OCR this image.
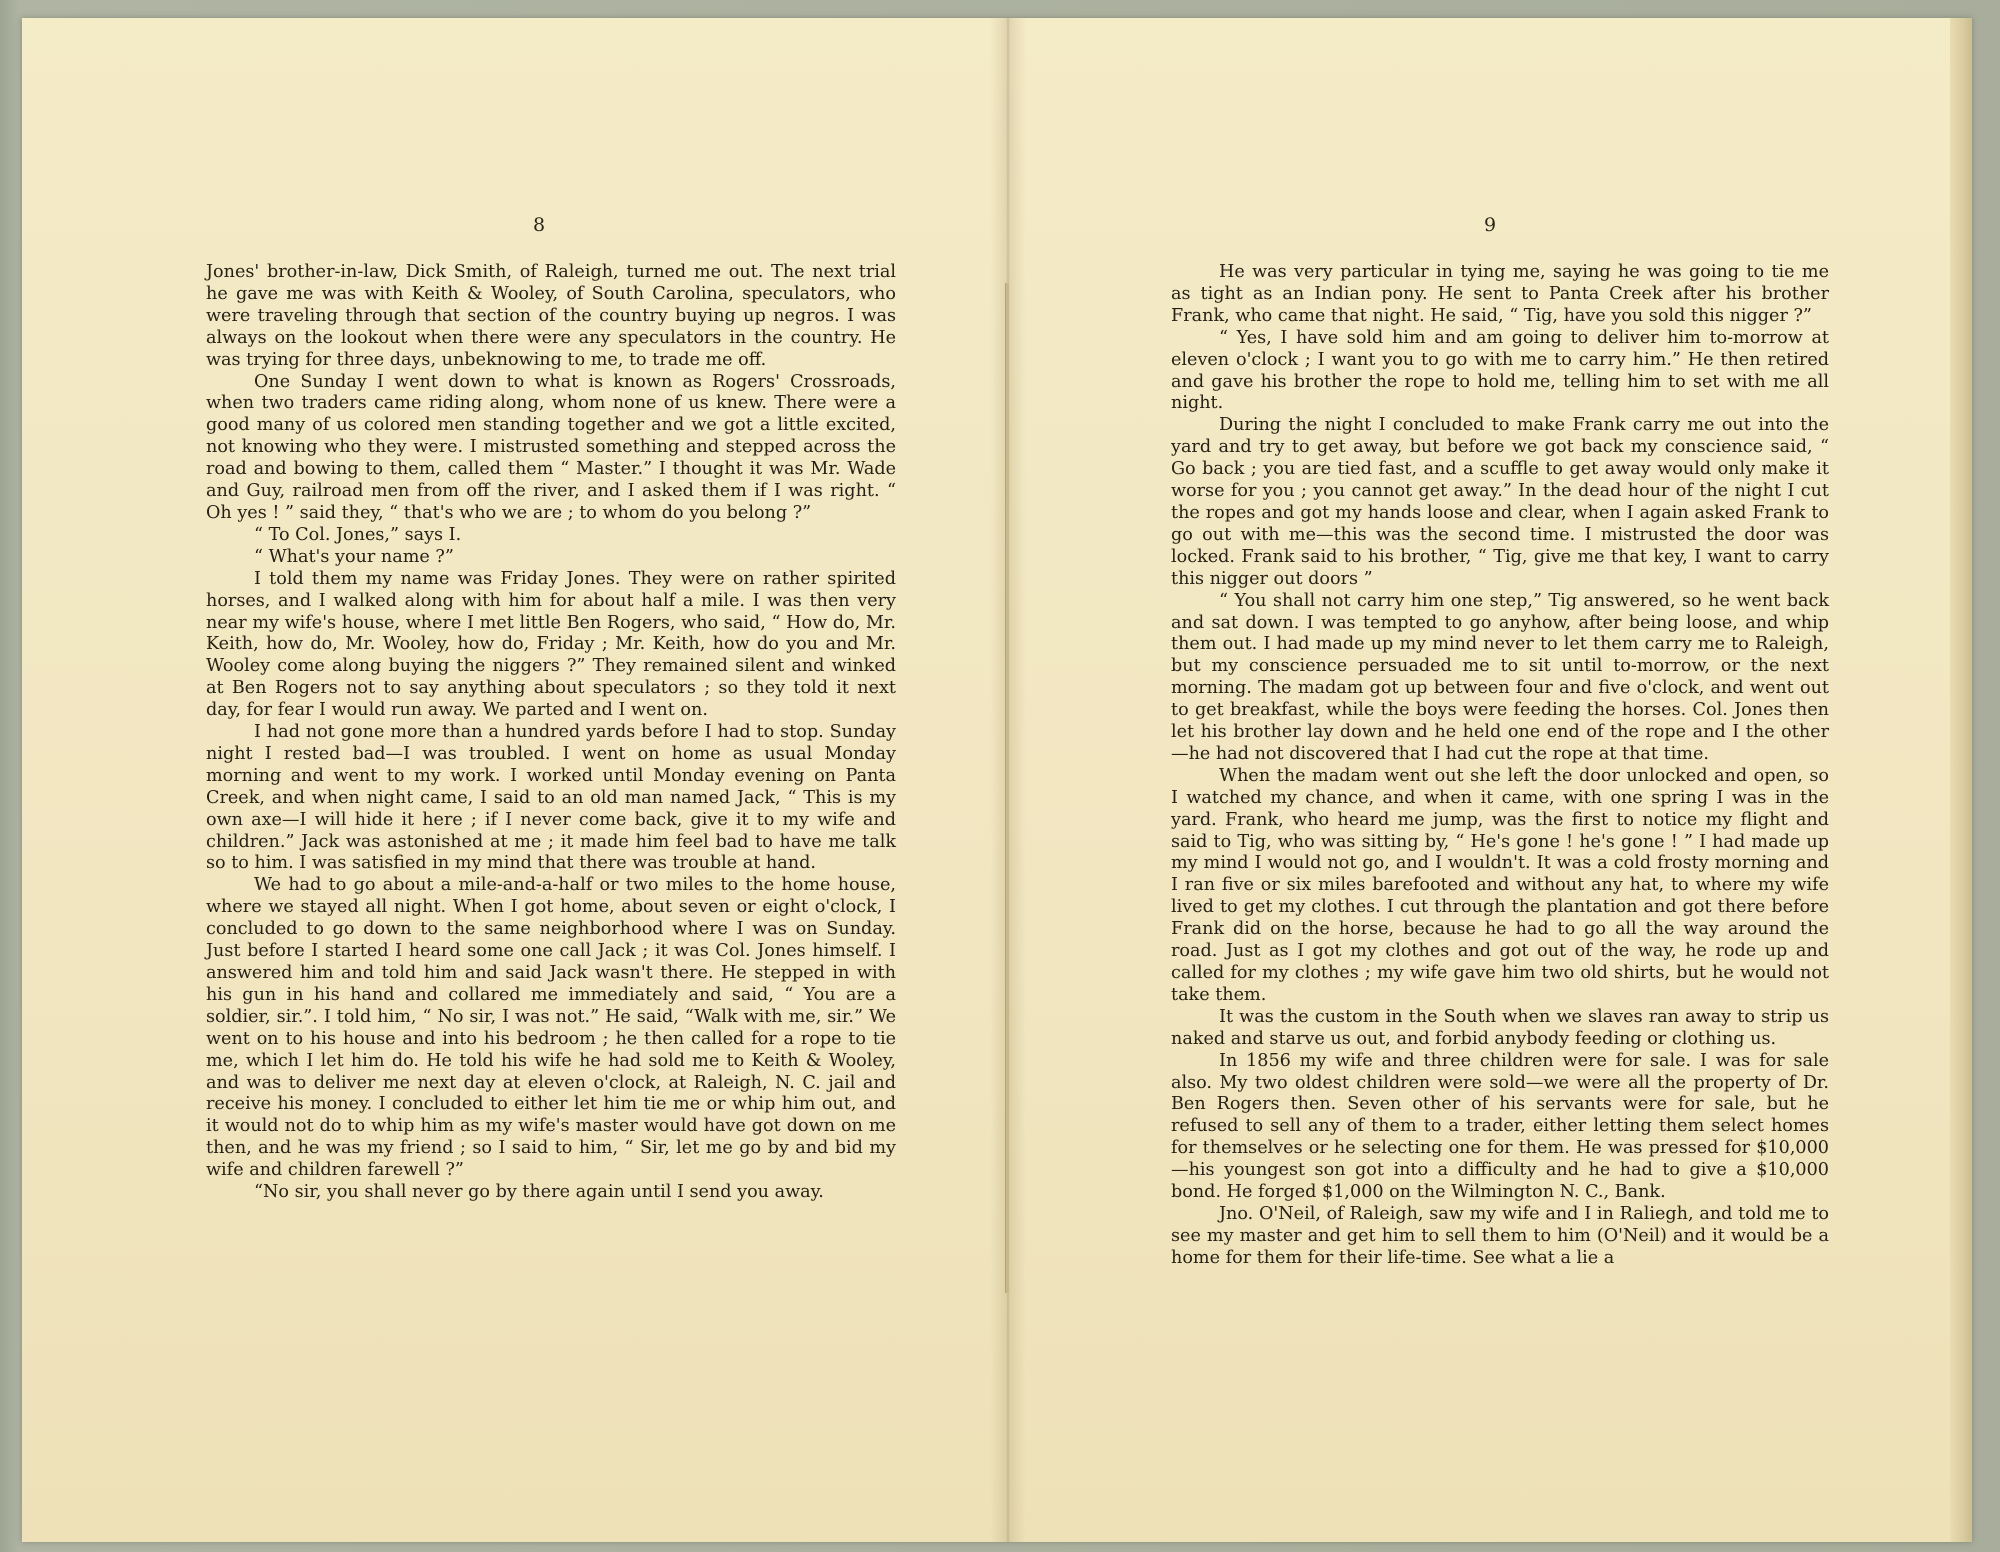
8

Jones' brother-in-law, Dick Smith, of Raleigh, turned me out. The next trial he gave me was with Keith & Wooley, of South Carolina, speculators, who were traveling through that section of the country buying up negros. I was always on the lookout when there were any speculators in the country. He was trying for three days, unbeknowing to me, to trade me off.

One Sunday I went down to what is known as Rogers' Crossroads, when two traders came riding along, whom none of us knew. There were a good many of us colored men standing together and we got a little excited, not knowing who they were. I mistrusted something and stepped across the road and bowing to them, called them “ Master.” I thought it was Mr. Wade and Guy, railroad men from off the river, and I asked them if I was right. “ Oh yes ! ” said they, “ that's who we are ; to whom do you belong ?”

“ To Col. Jones,” says I.

“ What's your name ?”

I told them my name was Friday Jones. They were on rather spirited horses, and I walked along with him for about half a mile. I was then very near my wife's house, where I met little Ben Rogers, who said, “ How do, Mr. Keith, how do, Mr. Wooley, how do, Friday ; Mr. Keith, how do you and Mr. Wooley come along buying the niggers ?” They remained silent and winked at Ben Rogers not to say anything about speculators ; so they told it next day, for fear I would run away. We parted and I went on.

I had not gone more than a hundred yards before I had to stop. Sunday night I rested bad—I was troubled. I went on home as usual Monday morning and went to my work. I worked until Monday evening on Panta Creek, and when night came, I said to an old man named Jack, “ This is my own axe—I will hide it here ; if I never come back, give it to my wife and children.” Jack was astonished at me ; it made him feel bad to have me talk so to him. I was satisfied in my mind that there was trouble at hand.

We had to go about a mile-and-a-half or two miles to the home house, where we stayed all night. When I got home, about seven or eight o'clock, I concluded to go down to the same neighborhood where I was on Sunday. Just before I started I heard some one call Jack ; it was Col. Jones himself. I answered him and told him and said Jack wasn't there. He stepped in with his gun in his hand and collared me immediately and said, “ You are a soldier, sir.”. I told him, “ No sir, I was not.” He said, “Walk with me, sir.” We went on to his house and into his bedroom ; he then called for a rope to tie me, which I let him do. He told his wife he had sold me to Keith & Wooley, and was to deliver me next day at eleven o'clock, at Raleigh, N. C. jail and receive his money. I concluded to either let him tie me or whip him out, and it would not do to whip him as my wife's master would have got down on me then, and he was my friend ; so I said to him, “ Sir, let me go by and bid my wife and children farewell ?”

“No sir, you shall never go by there again until I send you away.

9

He was very particular in tying me, saying he was going to tie me as tight as an Indian pony. He sent to Panta Creek after his brother Frank, who came that night. He said, “ Tig, have you sold this nigger ?”

“ Yes, I have sold him and am going to deliver him to-morrow at eleven o'clock ; I want you to go with me to carry him.” He then retired and gave his brother the rope to hold me, telling him to set with me all night.

During the night I concluded to make Frank carry me out into the yard and try to get away, but before we got back my conscience said, “ Go back ; you are tied fast, and a scuffle to get away would only make it worse for you ; you cannot get away.” In the dead hour of the night I cut the ropes and got my hands loose and clear, when I again asked Frank to go out with me—this was the second time. I mistrusted the door was locked. Frank said to his brother, “ Tig, give me that key, I want to carry this nigger out doors ”

“ You shall not carry him one step,” Tig answered, so he went back and sat down. I was tempted to go anyhow, after being loose, and whip them out. I had made up my mind never to let them carry me to Raleigh, but my conscience persuaded me to sit until to-morrow, or the next morning. The madam got up between four and five o'clock, and went out to get breakfast, while the boys were feeding the horses. Col. Jones then let his brother lay down and he held one end of the rope and I the other—he had not discovered that I had cut the rope at that time.

When the madam went out she left the door unlocked and open, so I watched my chance, and when it came, with one spring I was in the yard. Frank, who heard me jump, was the first to notice my flight and said to Tig, who was sitting by, “ He's gone ! he's gone ! ” I had made up my mind I would not go, and I wouldn't. It was a cold frosty morning and I ran five or six miles barefooted and without any hat, to where my wife lived to get my clothes. I cut through the plantation and got there before Frank did on the horse, because he had to go all the way around the road. Just as I got my clothes and got out of the way, he rode up and called for my clothes ; my wife gave him two old shirts, but he would not take them.

It was the custom in the South when we slaves ran away to strip us naked and starve us out, and forbid anybody feeding or clothing us.

In 1856 my wife and three children were for sale. I was for sale also. My two oldest children were sold—we were all the property of Dr. Ben Rogers then. Seven other of his servants were for sale, but he refused to sell any of them to a trader, either letting them select homes for themselves or he selecting one for them. He was pressed for $10,000—his youngest son got into a difficulty and he had to give a $10,000 bond. He forged $1,000 on the Wilmington N. C., Bank.

Jno. O'Neil, of Raleigh, saw my wife and I in Raliegh, and told me to see my master and get him to sell them to him (O'Neil) and it would be a home for them for their life-time. See what a lie a
